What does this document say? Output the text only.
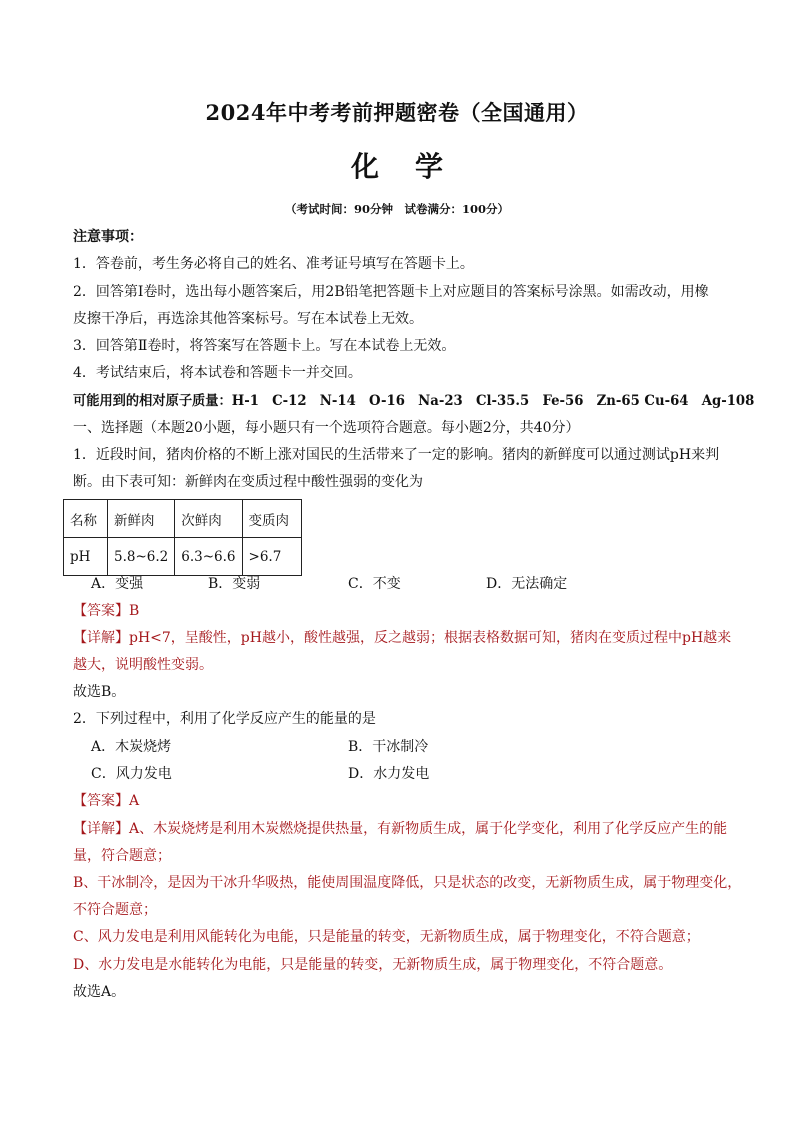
2024年中考考前押题密卷（全国通用）
化学
（考试时间：90分钟　试卷满分：100分）
注意事项：
1．答卷前，考生务必将自己的姓名、准考证号填写在答题卡上。
2．回答第Ⅰ卷时，选出每小题答案后，用2B铅笔把答题卡上对应题目的答案标号涂黑。如需改动，用橡
皮擦干净后，再选涂其他答案标号。写在本试卷上无效。
3．回答第Ⅱ卷时，将答案写在答题卡上。写在本试卷上无效。
4．考试结束后，将本试卷和答题卡一并交回。
可能用到的相对原子质量：H-1　C-12　N-14　O-16　Na-23　Cl-35.5　Fe-56　Zn-65 Cu-64　Ag-108
一、选择题（本题20小题，每小题只有一个选项符合题意。每小题2分，共40分）
1．近段时间，猪肉价格的不断上涨对国民的生活带来了一定的影响。猪肉的新鲜度可以通过测试pH来判
断。由下表可知：新鲜肉在变质过程中酸性强弱的变化为
名称	新鲜肉	次鲜肉	变质肉
pH	5.8~6.2	6.3~6.6	>6.7
A．变强	B．变弱	C．不变	D．无法确定
【答案】B
【详解】pH<7，呈酸性，pH越小，酸性越强，反之越弱；根据表格数据可知，猪肉在变质过程中pH越来
越大，说明酸性变弱。
故选B。
2．下列过程中，利用了化学反应产生的能量的是
A．木炭烧烤	B．干冰制冷
C．风力发电	D．水力发电
【答案】A
【详解】A、木炭烧烤是利用木炭燃烧提供热量，有新物质生成，属于化学变化，利用了化学反应产生的能
量，符合题意；
B、干冰制冷，是因为干冰升华吸热，能使周围温度降低，只是状态的改变，无新物质生成，属于物理变化，
不符合题意；
C、风力发电是利用风能转化为电能，只是能量的转变，无新物质生成，属于物理变化，不符合题意；
D、水力发电是水能转化为电能，只是能量的转变，无新物质生成，属于物理变化，不符合题意。
故选A。
